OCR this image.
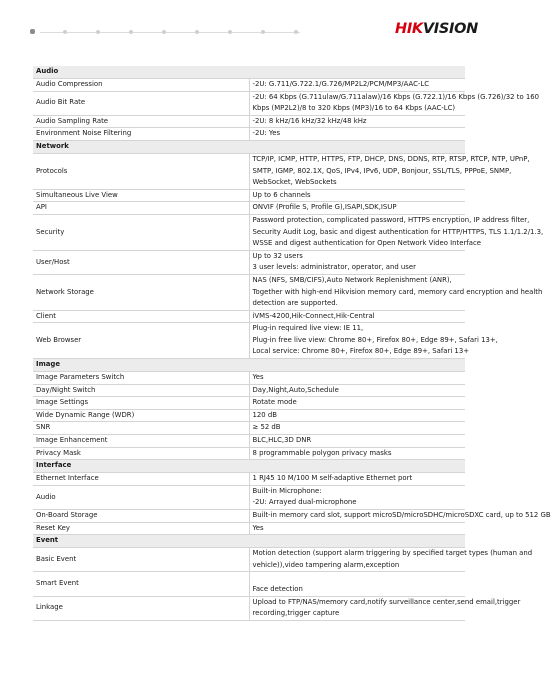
HIKVISION
Audio	
Audio Compression	-2U: G.711/G.722.1/G.726/MP2L2/PCM/MP3/AAC-LC

Audio Bit Rate	-2U: 64 Kbps (G.711ulaw/G.711alaw)/16 Kbps (G.722.1)/16 Kbps (G.726)/32 to 160
Kbps (MP2L2)/8 to 320 Kbps (MP3)/16 to 64 Kbps (AAC-LC)

Audio Sampling Rate	-2U: 8 kHz/16 kHz/32 kHz/48 kHz

Environment Noise Filtering	-2U: Yes

Network	
Protocols	TCP/IP, ICMP, HTTP, HTTPS, FTP, DHCP, DNS, DDNS, RTP, RTSP, RTCP, NTP, UPnP,
SMTP, IGMP, 802.1X, QoS, IPv4, IPv6, UDP, Bonjour, SSL/TLS, PPPoE, SNMP,
WebSocket, WebSockets

Simultaneous Live View	Up to 6 channels

API	ONVIF (Profile S, Profile G),ISAPI,SDK,ISUP

Security	Password protection, complicated password, HTTPS encryption, IP address filter,
Security Audit Log, basic and digest authentication for HTTP/HTTPS, TLS 1.1/1.2/1.3,
WSSE and digest authentication for Open Network Video Interface

User/Host	Up to 32 users
3 user levels: administrator, operator, and user

Network Storage	NAS (NFS, SMB/CIFS),Auto Network Replenishment (ANR),
Together with high-end Hikvision memory card, memory card encryption and health
detection are supported.

Client	iVMS-4200,Hik-Connect,Hik-Central

Web Browser	Plug-in required live view: IE 11,
Plug-in free live view: Chrome 80+, Firefox 80+, Edge 89+, Safari 13+,
Local service: Chrome 80+, Firefox 80+, Edge 89+, Safari 13+

Image	
Image Parameters Switch	Yes

Day/Night Switch	Day,Night,Auto,Schedule

Image Settings	Rotate mode

Wide Dynamic Range (WDR)	120 dB

SNR	≥ 52 dB

Image Enhancement	BLC,HLC,3D DNR

Privacy Mask	8 programmable polygon privacy masks

Interface	
Ethernet Interface	1 RJ45 10 M/100 M self-adaptive Ethernet port

Audio	Built-in Microphone:
-2U: Arrayed dual-microphone

On-Board Storage	Built-in memory card slot, support microSD/microSDHC/microSDXC card, up to 512 GB

Reset Key	Yes

Event	
Basic Event	Motion detection (support alarm triggering by specified target types (human and
vehicle)),video tampering alarm,exception

Smart Event	Face detection

Linkage	Upload to FTP/NAS/memory card,notify surveillance center,send email,trigger
recording,trigger capture
